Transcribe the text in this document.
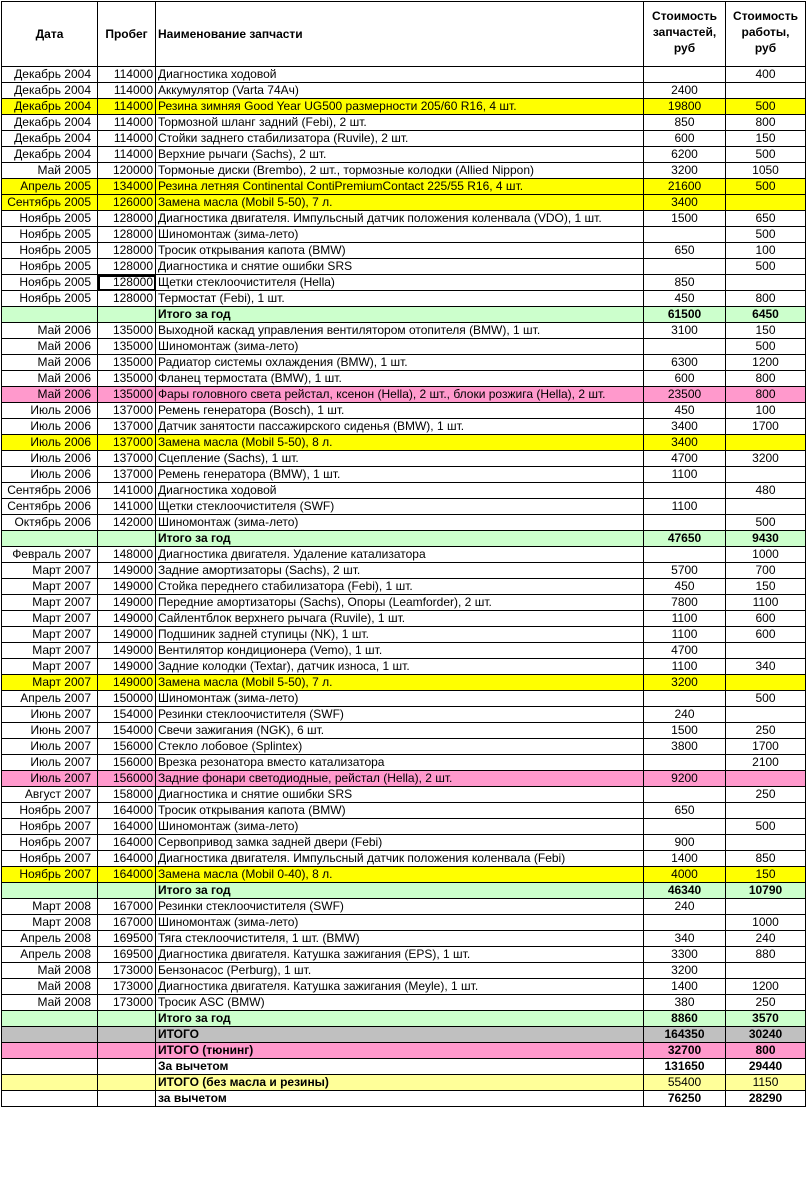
Дата	Пробег	Наименование запчасти	Стоимость
запчастей,
руб	Стоимость
работы,
руб
Декабрь 2004	114000	Диагностика ходовой		400
Декабрь 2004	114000	Аккумулятор (Varta 74Ач)	2400	
Декабрь 2004	114000	Резина зимняя Good Year UG500 размерности 205/60 R16, 4 шт.	19800	500
Декабрь 2004	114000	Тормозной шланг задний (Febi), 2 шт.	850	800
Декабрь 2004	114000	Стойки заднего стабилизатора (Ruvile), 2 шт.	600	150
Декабрь 2004	114000	Верхние рычаги (Sachs), 2 шт.	6200	500
Май 2005	120000	Тормоные диски (Brembo), 2 шт., тормозные колодки (Allied Nippon)	3200	1050
Апрель 2005	134000	Резина летняя Continental ContiPremiumContact 225/55 R16, 4 шт.	21600	500
Сентябрь 2005	126000	Замена масла (Mobil 5-50), 7 л.	3400	
Ноябрь 2005	128000	Диагностика двигателя. Импульсный датчик положения коленвала (VDO), 1 шт.	1500	650
Ноябрь 2005	128000	Шиномонтаж (зима-лето)		500
Ноябрь 2005	128000	Тросик открывания капота (BMW)	650	100
Ноябрь 2005	128000	Диагностика и снятие ошибки SRS		500
Ноябрь 2005	128000	Щетки стеклоочистителя (Hella)	850	
Ноябрь 2005	128000	Термостат (Febi), 1 шт.	450	800
		Итого за год	61500	6450
Май 2006	135000	Выходной каскад управления вентилятором отопителя (BMW), 1 шт.	3100	150
Май 2006	135000	Шиномонтаж (зима-лето)		500
Май 2006	135000	Радиатор системы охлаждения (BMW), 1 шт.	6300	1200
Май 2006	135000	Фланец термостата (BMW), 1 шт.	600	800
Май 2006	135000	Фары головного света рейстал, ксенон (Hella), 2 шт., блоки розжига (Hella), 2 шт.	23500	800
Июль 2006	137000	Ремень генератора (Bosch), 1 шт.	450	100
Июль 2006	137000	Датчик занятости пассажирского сиденья (BMW), 1 шт.	3400	1700
Июль 2006	137000	Замена масла (Mobil 5-50), 8 л.	3400	
Июль 2006	137000	Сцепление (Sachs), 1 шт.	4700	3200
Июль 2006	137000	Ремень генератора (BMW), 1 шт.	1100	
Сентябрь 2006	141000	Диагностика ходовой		480
Сентябрь 2006	141000	Щетки стеклоочистителя (SWF)	1100	
Октябрь 2006	142000	Шиномонтаж (зима-лето)		500
		Итого за год	47650	9430
Февраль 2007	148000	Диагностика двигателя. Удаление катализатора		1000
Март 2007	149000	Задние амортизаторы (Sachs), 2 шт.	5700	700
Март 2007	149000	Стойка переднего стабилизатора (Febi), 1 шт.	450	150
Март 2007	149000	Передние амортизаторы (Sachs), Опоры (Leamforder), 2 шт.	7800	1100
Март 2007	149000	Сайлентблок верхнего рычага (Ruvile), 1 шт.	1100	600
Март 2007	149000	Подшиник задней ступицы (NK), 1 шт.	1100	600
Март 2007	149000	Вентилятор кондиционера (Vemo), 1 шт.	4700	
Март 2007	149000	Задние колодки (Textar), датчик износа, 1 шт.	1100	340
Март 2007	149000	Замена масла (Mobil 5-50), 7 л.	3200	
Апрель 2007	150000	Шиномонтаж (зима-лето)		500
Июнь 2007	154000	Резинки стеклоочистителя (SWF)	240	
Июнь 2007	154000	Свечи зажигания (NGK), 6 шт.	1500	250
Июль 2007	156000	Стекло лобовое (Splintex)	3800	1700
Июль 2007	156000	Врезка резонатора вместо катализатора		2100
Июль 2007	156000	Задние фонари светодиодные, рейстал (Hella), 2 шт.	9200	
Август 2007	158000	Диагностика и снятие ошибки SRS		250
Ноябрь 2007	164000	Тросик открывания капота (BMW)	650	
Ноябрь 2007	164000	Шиномонтаж (зима-лето)		500
Ноябрь 2007	164000	Сервопривод замка задней двери (Febi)	900	
Ноябрь 2007	164000	Диагностика двигателя. Импульсный датчик положения коленвала (Febi)	1400	850
Ноябрь 2007	164000	Замена масла (Mobil 0-40), 8 л.	4000	150
		Итого за год	46340	10790
Март 2008	167000	Резинки стеклоочистителя (SWF)	240	
Март 2008	167000	Шиномонтаж (зима-лето)		1000
Апрель 2008	169500	Тяга стеклоочистителя, 1 шт. (BMW)	340	240
Апрель 2008	169500	Диагностика двигателя. Катушка зажигания (EPS), 1 шт.	3300	880
Май 2008	173000	Бензонасос (Perburg), 1 шт.	3200	
Май 2008	173000	Диагностика двигателя. Катушка зажигания (Meyle), 1 шт.	1400	1200
Май 2008	173000	Тросик ASC (BMW)	380	250
		Итого за год	8860	3570
		ИТОГО	164350	30240
		ИТОГО (тюнинг)	32700	800
		За вычетом	131650	29440
		ИТОГО (без масла и резины)	55400	1150
		за вычетом	76250	28290
